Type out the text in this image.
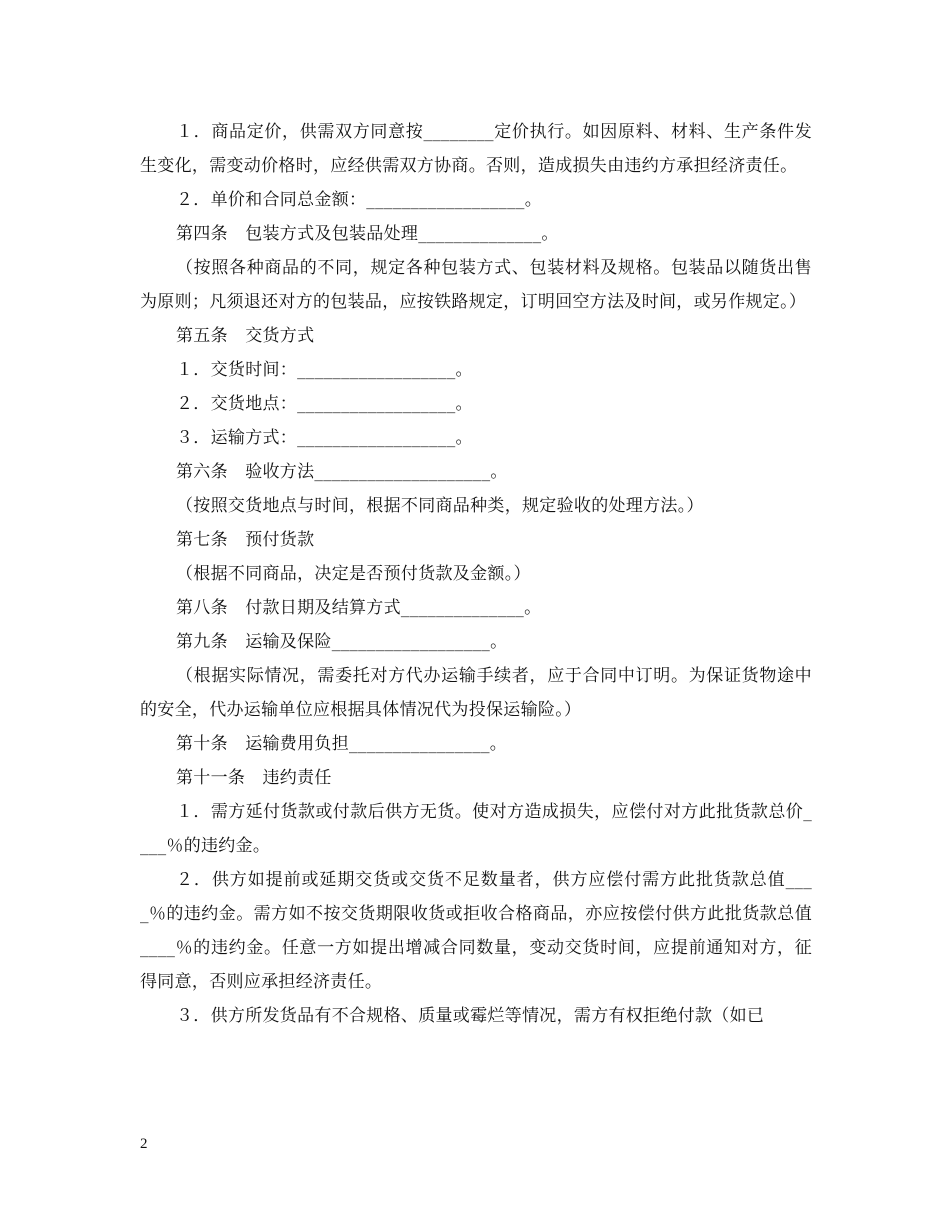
１．商品定价，供需双方同意按________定价执行。如因原料、材料、生产条件发生变化，需变动价格时，应经供需双方协商。否则，造成损失由违约方承担经济责任。

２．单价和合同总金额：__________________。

第四条　包装方式及包装品处理______________。

（按照各种商品的不同，规定各种包装方式、包装材料及规格。包装品以随货出售为原则；凡须退还对方的包装品，应按铁路规定，订明回空方法及时间，或另作规定。）

第五条　交货方式

１．交货时间：__________________。

２．交货地点：__________________。

３．运输方式：__________________。

第六条　验收方法____________________。

（按照交货地点与时间，根据不同商品种类，规定验收的处理方法。）

第七条　预付货款

（根据不同商品，决定是否预付货款及金额。）

第八条　付款日期及结算方式______________。

第九条　运输及保险__________________。

（根据实际情况，需委托对方代办运输手续者，应于合同中订明。为保证货物途中的安全，代办运输单位应根据具体情况代为投保运输险。）

第十条　运输费用负担________________。

第十一条　违约责任

１．需方延付货款或付款后供方无货。使对方造成损失，应偿付对方此批货款总价____％的违约金。

２．供方如提前或延期交货或交货不足数量者，供方应偿付需方此批货款总值____％的违约金。需方如不按交货期限收货或拒收合格商品，亦应按偿付供方此批货款总值____％的违约金。任意一方如提出增减合同数量，变动交货时间，应提前通知对方，征得同意，否则应承担经济责任。

３．供方所发货品有不合规格、质量或霉烂等情况，需方有权拒绝付款（如已

2
